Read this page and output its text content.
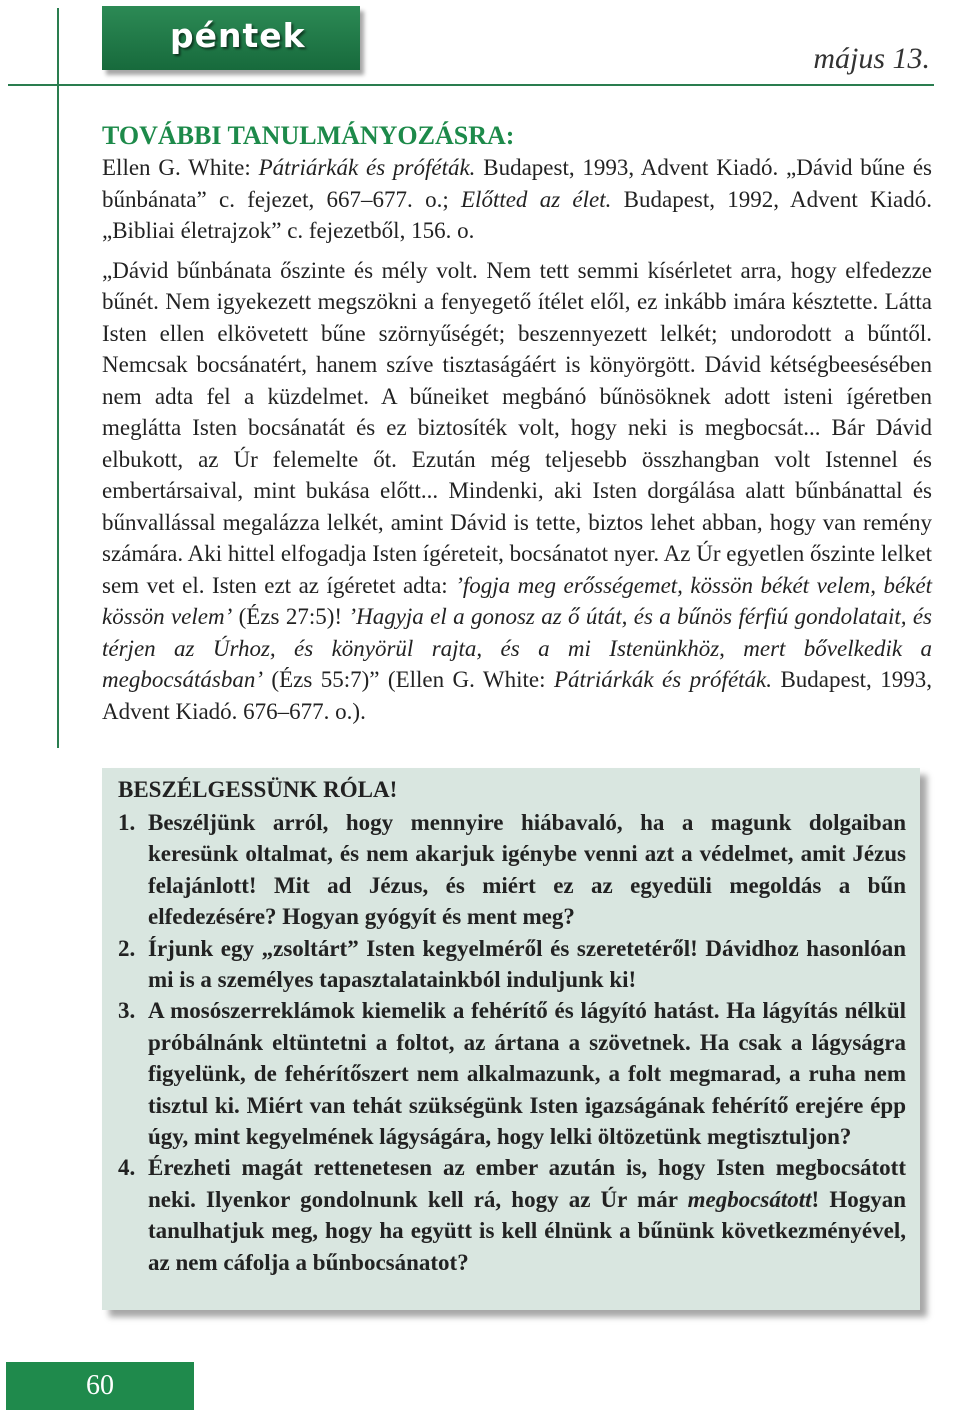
péntek
május 13.
TOVÁBBI TANULMÁNYOZÁSRA:

Ellen G. White: Pátriárkák és próféták. Budapest, 1993, Advent Kiadó. „Dávid bűne és bűnbánata” c. fejezet, 667–677. o.; Előtted az élet. Budapest, 1992, Advent Kiadó. „Bibliai életrajzok” c. fejezetből, 156. o.

„Dávid bűnbánata őszinte és mély volt. Nem tett semmi kísérletet arra, hogy elfedezze bűnét. Nem igyekezett megszökni a fenyegető ítélet elől, ez inkább imára késztette. Látta Isten ellen elkövetett bűne szörnyűségét; beszennyezett lelkét; undorodott a bűntől. Nemcsak bocsánatért, hanem szíve tisztaságáért is könyörgött. Dávid kétségbeesésében nem adta fel a küzdelmet. A bűneiket megbánó bűnösöknek adott isteni ígéretben meglátta Isten bocsánatát és ez biztosíték volt, hogy neki is megbocsát... Bár Dávid elbukott, az Úr felemelte őt. Ezután még teljesebb összhangban volt Istennel és embertársaival, mint bukása előtt... Mindenki, aki Isten dorgálása alatt bűnbánattal és bűnvallással megalázza lelkét, amint Dávid is tette, biztos lehet abban, hogy van remény számára. Aki hittel elfogadja Isten ígéreteit, bocsánatot nyer. Az Úr egyetlen őszinte lelket sem vet el. Isten ezt az ígéretet adta: ’fogja meg erősségemet, kössön békét velem, békét kössön velem’ (Ézs 27:5)! ’Hagyja el a gonosz az ő útát, és a bűnös férfiú gondolatait, és térjen az Úrhoz, és könyörül rajta, és a mi Istenünkhöz, mert bővelkedik a megbocsátásban’ (Ézs 55:7)” (Ellen G. White: Pátriárkák és próféták. Budapest, 1993, Advent Kiadó. 676–677. o.).

BESZÉLGESSÜNK RÓLA!
1. Beszéljünk arról, hogy mennyire hiábavaló, ha a magunk dolgaiban keresünk oltalmat, és nem akarjuk igénybe venni azt a védelmet, amit Jézus felajánlott! Mit ad Jézus, és miért ez az egyedüli megoldás a bűn elfedezésére? Hogyan gyógyít és ment meg?
2. Írjunk egy „zsoltárt” Isten kegyelméről és szeretetéről! Dávidhoz hasonlóan mi is a személyes tapasztalatainkból induljunk ki!
3. A mosószerreklámok kiemelik a fehérítő és lágyító hatást. Ha lágyítás nélkül próbálnánk eltüntetni a foltot, az ártana a szövetnek. Ha csak a lágyságra figyelünk, de fehérítőszert nem alkalmazunk, a folt megmarad, a ruha nem tisztul ki. Miért van tehát szükségünk Isten igazságának fehérítő erejére épp úgy, mint kegyelmének lágyságára, hogy lelki öltözetünk megtisztuljon?
4. Érezheti magát rettenetesen az ember azután is, hogy Isten megbocsátott neki. Ilyenkor gondolnunk kell rá, hogy az Úr már megbocsátott! Hogyan tanulhatjuk meg, hogy ha együtt is kell élnünk a bűnünk következményével, az nem cáfolja a bűnbocsánatot?
60
